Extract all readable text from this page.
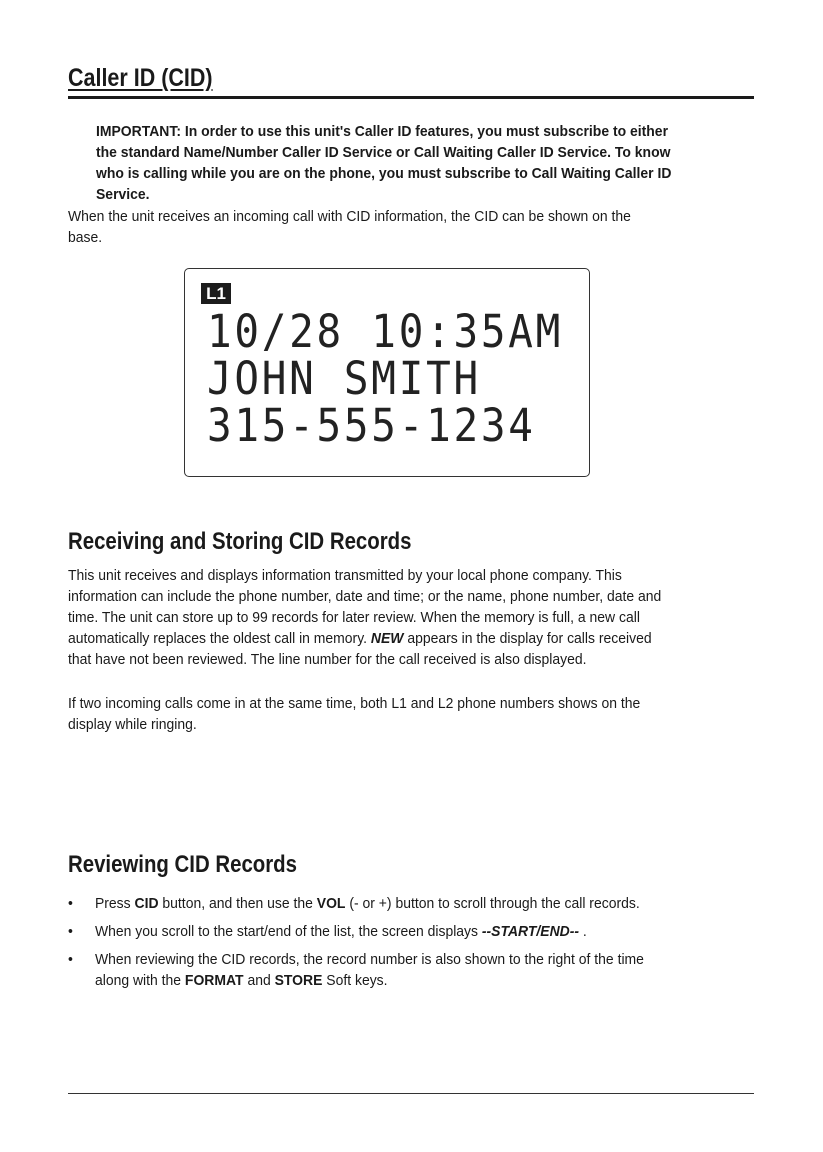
Caller ID (CID)
IMPORTANT: In order to use this unit's Caller ID features, you must subscribe to either the standard Name/Number Caller ID Service or Call Waiting Caller ID Service. To know who is calling while you are on the phone, you must subscribe to Call Waiting Caller ID Service.
When the unit receives an incoming call with CID information, the CID can be shown on the base.
L1
10/28 10:35AM
JOHN SMITH
315-555-1234
Receiving and Storing CID Records
This unit receives and displays information transmitted by your local phone company. This information can include the phone number, date and time; or the name, phone number, date and time. The unit can store up to 99 records for later review. When the memory is full, a new call automatically replaces the oldest call in memory. NEW appears in the display for calls received that have not been reviewed. The line number for the call received is also displayed.
If two incoming calls come in at the same time, both L1 and L2 phone numbers shows on the display while ringing.
Reviewing CID Records
• Press CID button, and then use the VOL (- or +) button to scroll through the call records.
• When you scroll to the start/end of the list, the screen displays --START/END-- .
• When reviewing the CID records, the record number is also shown to the right of the time along with the FORMAT and STORE Soft keys.
